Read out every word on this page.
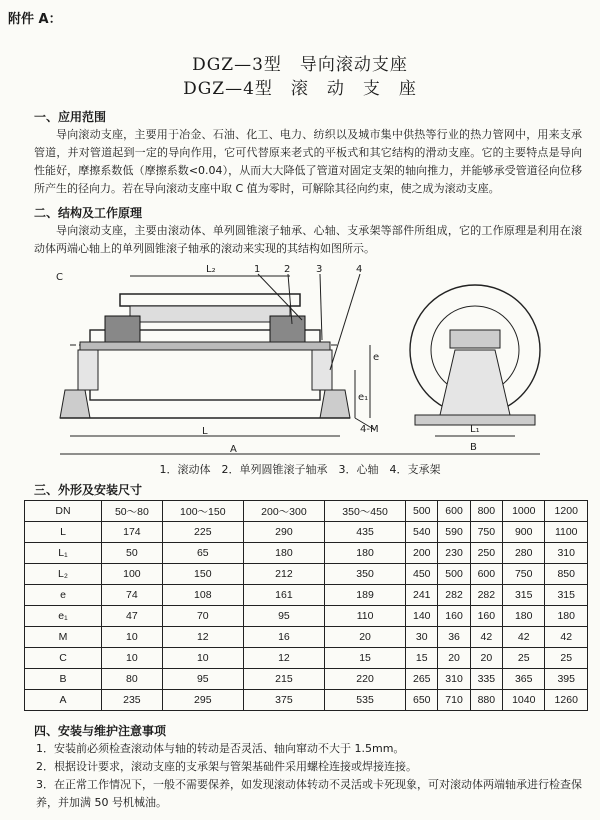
附件 A：
DGZ—3型　导向滚动支座
DGZ—4型　滚　动　支　座
一、应用范围
导向滚动支座，主要用于冶金、石油、化工、电力、纺织以及城市集中供热等行业的热力管网中，用来支承管道，并对管道起到一定的导向作用，它可代替原来老式的平板式和其它结构的滑动支座。它的主要特点是导向性能好，摩擦系数低（摩擦系数<0.04），从而大大降低了管道对固定支架的轴向推力，并能够承受管道径向位移所产生的径向力。若在导向滚动支座中取 C 值为零时，可解除其径向约束，使之成为滚动支座。
二、结构及工作原理
导向滚动支座，主要由滚动体、单列圆锥滚子轴承、心轴、支承架等部件所组成，它的工作原理是利用在滚动体两端心轴上的单列圆锥滚子轴承的滚动来实现的其结构如图所示。
C
L₂	1 2	3	4
e
e₁
4-M
L
A
L₁
B
1．滚动体　2．单列圆锥滚子轴承　3．心轴　4．支承架
三、外形及安装尺寸
DN	50～80	100～150	200～300	350～450	500	600	800	1000	1200
L	174	225	290	435	540	590	750	900	1100
L₁	50	65	180	180	200	230	250	280	310
L₂	100	150	212	350	450	500	600	750	850
e	74	108	161	189	241	282	282	315	315
e₁	47	70	95	110	140	160	160	180	180
M	10	12	16	20	30	36	42	42	42
C	10	10	12	15	15	20	20	25	25
B	80	95	215	220	265	310	335	365	395
A	235	295	375	535	650	710	880	1040	1260
四、安装与维护注意事项
1．安装前必须检查滚动体与轴的转动是否灵活、轴向窜动不大于 1.5mm。
2．根据设计要求，滚动支座的支承架与管架基础件采用螺栓连接或焊接连接。
3．在正常工作情况下，一般不需要保养，如发现滚动体转动不灵活或卡死现象，可对滚动体两端轴承进行检查保养，并加满 50 号机械油。
